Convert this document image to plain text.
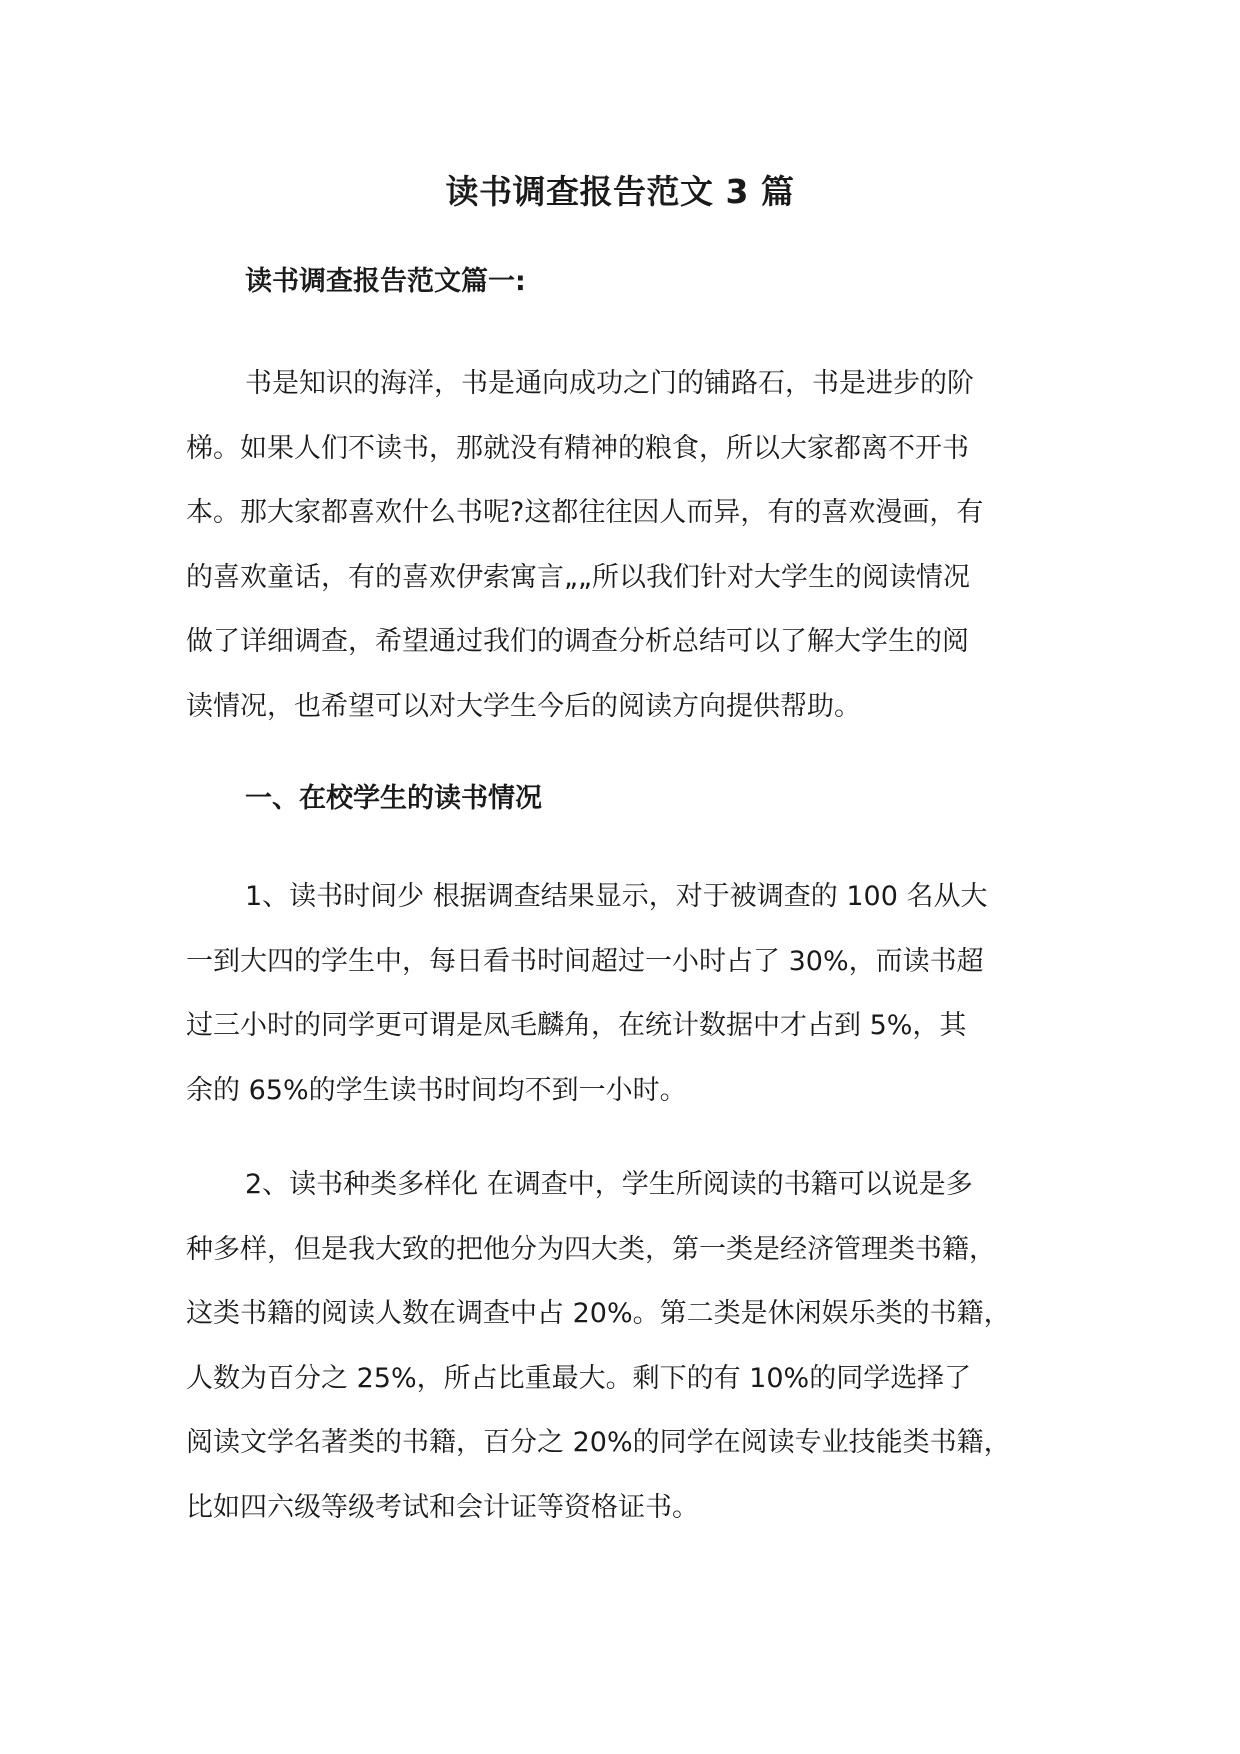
读书调查报告范文 3 篇
读书调查报告范文篇一:

书是知识的海洋，书是通向成功之门的铺路石，书是进步的阶
梯。如果人们不读书，那就没有精神的粮食，所以大家都离不开书
本。那大家都喜欢什么书呢?这都往往因人而异，有的喜欢漫画，有
的喜欢童话，有的喜欢伊索寓言„„所以我们针对大学生的阅读情况
做了详细调查，希望通过我们的调查分析总结可以了解大学生的阅
读情况，也希望可以对大学生今后的阅读方向提供帮助。

一、在校学生的读书情况

1、读书时间少 根据调查结果显示，对于被调查的 100 名从大
一到大四的学生中，每日看书时间超过一小时占了 30%，而读书超
过三小时的同学更可谓是凤毛麟角，在统计数据中才占到 5%，其
余的 65%的学生读书时间均不到一小时。

2、读书种类多样化 在调查中，学生所阅读的书籍可以说是多
种多样，但是我大致的把他分为四大类，第一类是经济管理类书籍，
这类书籍的阅读人数在调查中占 20%。第二类是休闲娱乐类的书籍，
人数为百分之 25%，所占比重最大。剩下的有 10%的同学选择了
阅读文学名著类的书籍，百分之 20%的同学在阅读专业技能类书籍，
比如四六级等级考试和会计证等资格证书。
